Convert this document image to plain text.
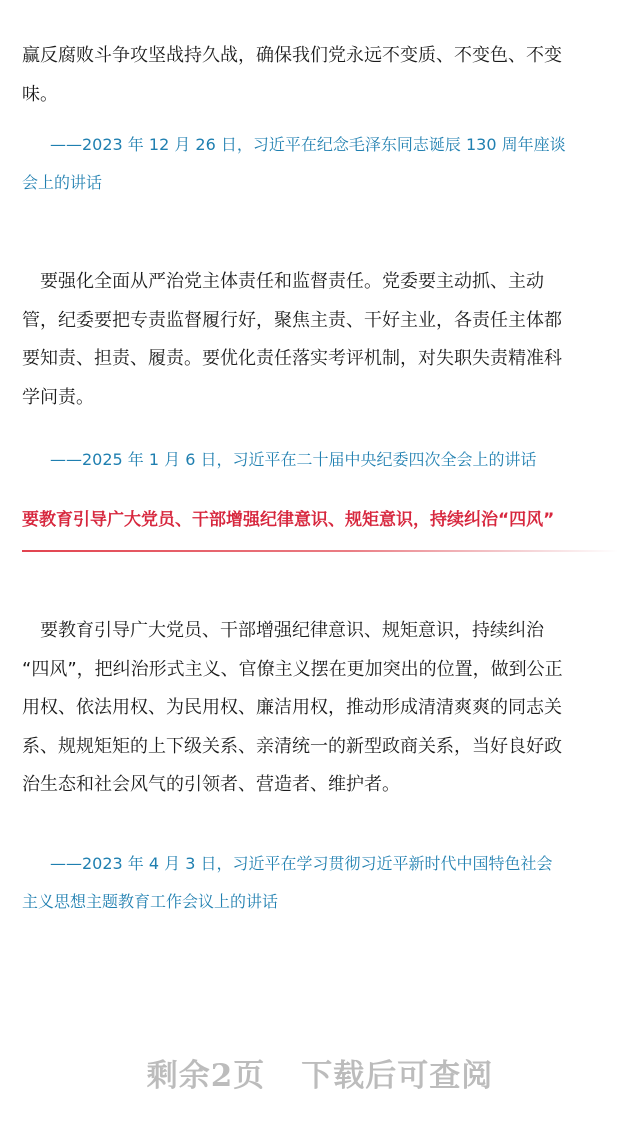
赢反腐败斗争攻坚战持久战，确保我们党永远不变质、不变色、不变
味。

——2023 年 12 月 26 日，习近平在纪念毛泽东同志诞辰 130 周年座谈
会上的讲话

　要强化全面从严治党主体责任和监督责任。党委要主动抓、主动
管，纪委要把专责监督履行好，聚焦主责、干好主业，各责任主体都
要知责、担责、履责。要优化责任落实考评机制，对失职失责精准科
学问责。

——2025 年 1 月 6 日，习近平在二十届中央纪委四次全会上的讲话

　要教育引导广大党员、干部增强纪律意识、规矩意识，持续纠治
“四风”，把纠治形式主义、官僚主义摆在更加突出的位置，做到公正
用权、依法用权、为民用权、廉洁用权，推动形成清清爽爽的同志关
系、规规矩矩的上下级关系、亲清统一的新型政商关系，当好良好政
治生态和社会风气的引领者、营造者、维护者。

——2023 年 4 月 3 日，习近平在学习贯彻习近平新时代中国特色社会
主义思想主题教育工作会议上的讲话

要教育引导广大党员、干部增强纪律意识、规矩意识，持续纠治“四风”
剩余2页 下载后可查阅
